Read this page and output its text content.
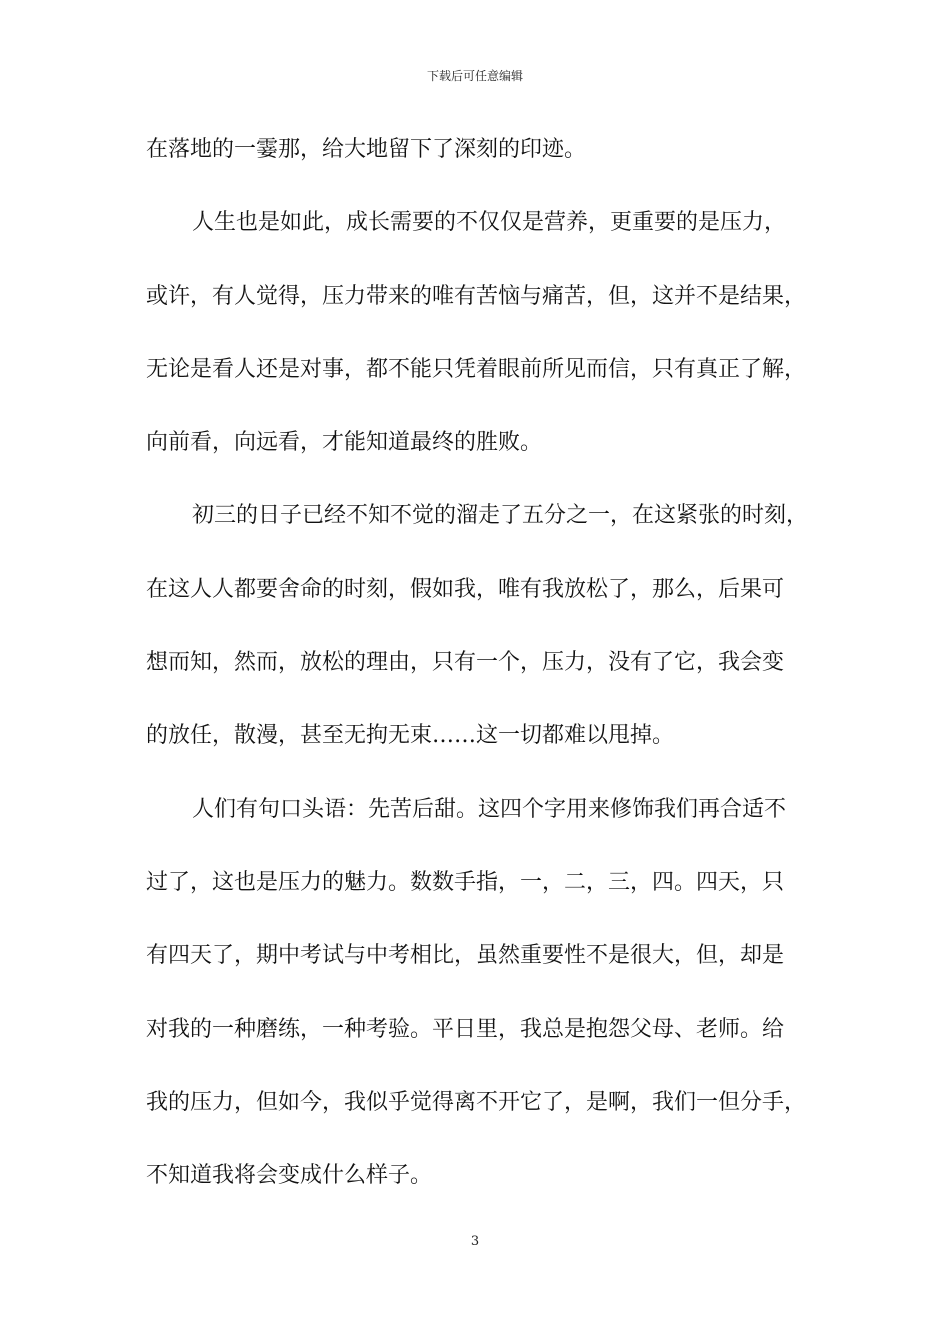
下载后可任意编辑
在落地的一霎那，给大地留下了深刻的印迹。
人生也是如此，成长需要的不仅仅是营养，更重要的是压力，
或许，有人觉得，压力带来的唯有苦恼与痛苦，但，这并不是结果，
无论是看人还是对事，都不能只凭着眼前所见而信，只有真正了解，
向前看，向远看，才能知道最终的胜败。
初三的日子已经不知不觉的溜走了五分之一，在这紧张的时刻，
在这人人都要舍命的时刻，假如我，唯有我放松了，那么，后果可
想而知，然而，放松的理由，只有一个，压力，没有了它，我会变
的放任，散漫，甚至无拘无束……这一切都难以甩掉。
人们有句口头语：先苦后甜。这四个字用来修饰我们再合适不
过了，这也是压力的魅力。数数手指，一，二，三，四。四天，只
有四天了，期中考试与中考相比，虽然重要性不是很大，但，却是
对我的一种磨练，一种考验。平日里，我总是抱怨父母、老师。给
我的压力，但如今，我似乎觉得离不开它了，是啊，我们一但分手，
不知道我将会变成什么样子。
3
